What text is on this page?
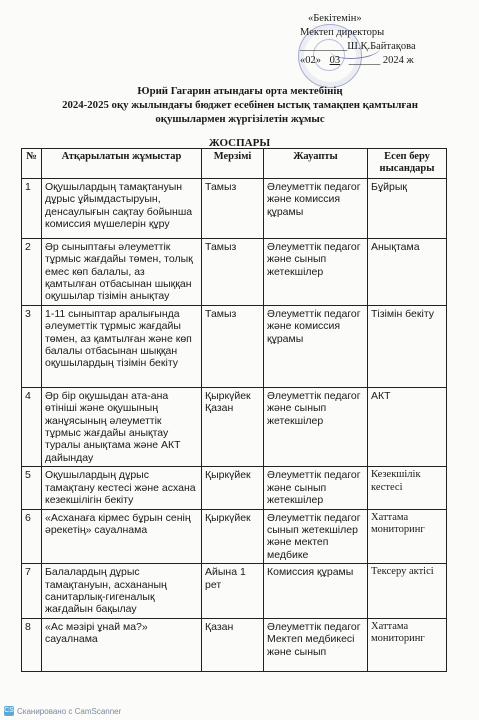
«Бекітемін»
Мектеп директоры
_________Ш.Қ.Байтақова
«02» 03 ______ 2024 ж
Юрий Гагарин атындағы орта мектебінің
2024-2025 оқу жылындағы бюджет есебінен ыстық тамақпен қамтылған
оқушылармен жүргізілетін жұмыс
ЖОСПАРЫ
№	Атқарылатын жұмыстар	Мерзімі	Жауапты	Есеп беру нысандары
1	Оқушылардың тамақтануын дұрыс ұйымдастыруын, денсаулығын сақтау бойынша комиссия мүшелерін құру	Тамыз	Әлеуметтік педагог және комиссия құрамы	Бұйрық
2	Әр сыныптағы әлеуметтік тұрмыс жағдайы төмен, толық емес көп балалы, аз қамтылған отбасынан шыққан оқушылар тізімін анықтау	Тамыз	Әлеуметтік педагог және сынып жетекшілер	Анықтама
3	1-11 сыныптар аралығында әлеуметтік тұрмыс жағдайы төмен, аз қамтылған және көп балалы отбасынан шыққан оқушылардың тізімін бекіту	Тамыз	Әлеуметтік педагог және комиссия құрамы	Тізімін бекіту
4	Әр бір оқушыдан ата-ана өтініші және оқушының жанұясының әлеуметтік тұрмыс жағдайы анықтау туралы анықтама және АКТ дайындау	Қыркүйек Қазан	Әлеуметтік педагог және сынып жетекшілер	АКТ
5	Оқушылардың дұрыс тамақтану кестесі және асхана кезекшілігін бекіту	Қыркүйек	Әлеуметтік педагог және сынып жетекшілер	Кезекшілік кестесі
6	«Асханаға кірмес бұрын сенің әрекетің» сауалнама	Қыркүйек	Әлеуметтік педагог сынып жетекшілер және мектеп медбике	Хаттама мониторинг
7	Балалардың дұрыс тамақтануын, асхананың санитарлық-гигеналық жағдайын бақылау	Айына 1 рет	Комиссия құрамы	Тексеру актісі
8	«Ас мәзірі ұнай ма?» сауалнама	Қазан	Әлеуметтік педагог Мектеп медбикесі және сынып	Хаттама мониторинг
CS Сканировано с CamScanner
